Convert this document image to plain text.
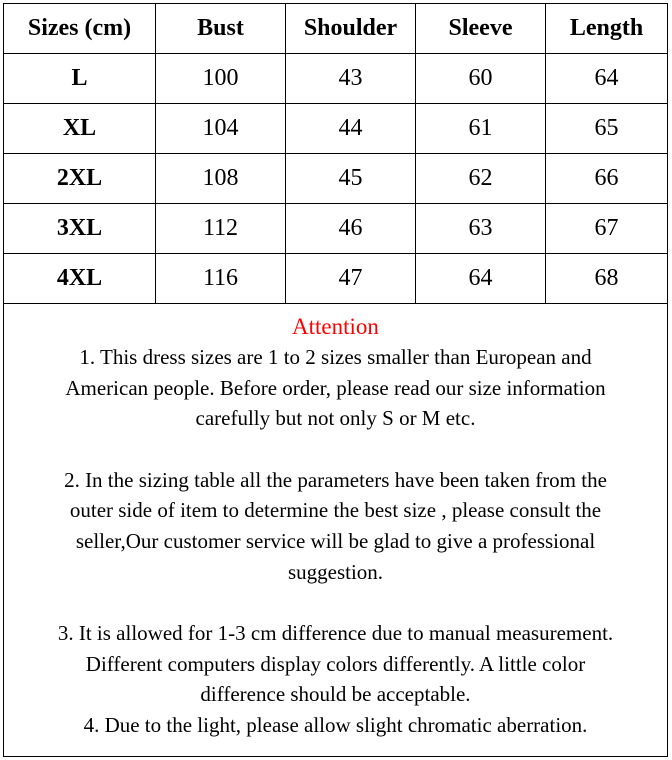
Sizes (cm)	Bust	Shoulder	Sleeve	Length
L	100	43	60	64
XL	104	44	61	65
2XL	108	45	62	66
3XL	112	46	63	67
4XL	116	47	64	68
Attention

1. This dress sizes are 1 to 2 sizes smaller than European and

American people. Before order, please read our size information

carefully but not only S or M etc.

2. In the sizing table all the parameters have been taken from the

outer side of item to determine the best size , please consult the

seller,Our customer service will be glad to give a professional

suggestion.

3. It is allowed for 1-3 cm difference due to manual measurement.

Different computers display colors differently. A little color

difference should be acceptable.

4. Due to the light, please allow slight chromatic aberration.
